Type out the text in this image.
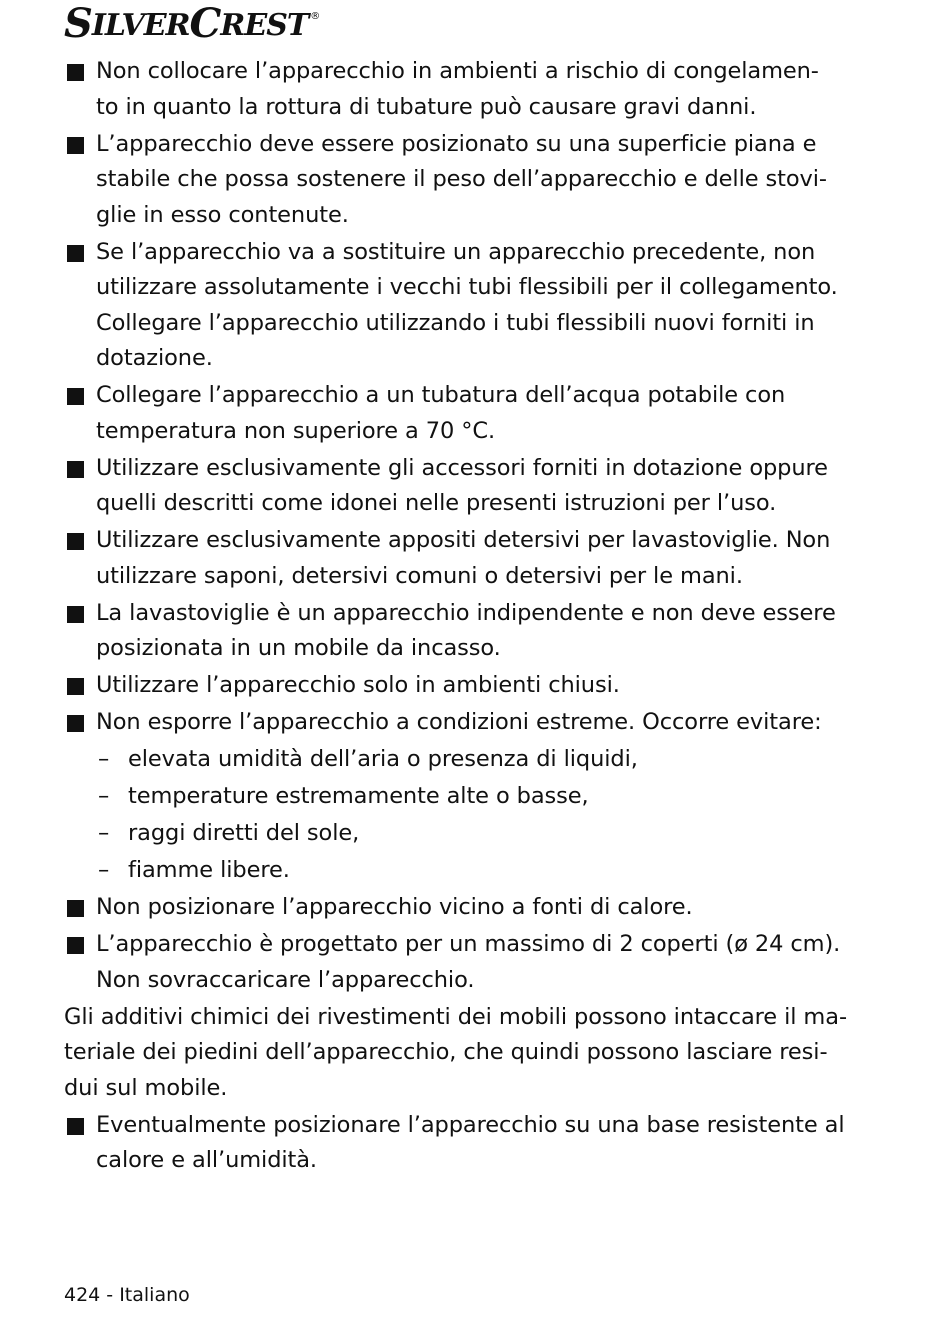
S ILVER C REST ®
Non collocare l’apparecchio in ambienti a rischio di congelamen-
to in quanto la rottura di tubature può causare gravi danni.
L’apparecchio deve essere posizionato su una superficie piana e
stabile che possa sostenere il peso dell’apparecchio e delle stovi-
glie in esso contenute.
Se l’apparecchio va a sostituire un apparecchio precedente, non
utilizzare assolutamente i vecchi tubi flessibili per il collegamento.
Collegare l’apparecchio utilizzando i tubi flessibili nuovi forniti in
dotazione.
Collegare l’apparecchio a un tubatura dell’acqua potabile con
temperatura non superiore a 70 °C.
Utilizzare esclusivamente gli accessori forniti in dotazione oppure
quelli descritti come idonei nelle presenti istruzioni per l’uso.
Utilizzare esclusivamente appositi detersivi per lavastoviglie. Non
utilizzare saponi, detersivi comuni o detersivi per le mani.
La lavastoviglie è un apparecchio indipendente e non deve essere
posizionata in un mobile da incasso.
Utilizzare l’apparecchio solo in ambienti chiusi.
Non esporre l’apparecchio a condizioni estreme. Occorre evitare:
– elevata umidità dell’aria o presenza di liquidi,
– temperature estremamente alte o basse,
– raggi diretti del sole,
– fiamme libere.
Non posizionare l’apparecchio vicino a fonti di calore.
L’apparecchio è progettato per un massimo di 2 coperti (ø 24 cm).
Non sovraccaricare l’apparecchio.
Gli additivi chimici dei rivestimenti dei mobili possono intaccare il ma-
teriale dei piedini dell’apparecchio, che quindi possono lasciare resi-
dui sul mobile.
Eventualmente posizionare l’apparecchio su una base resistente al
calore e all’umidità.
424 - Italiano
